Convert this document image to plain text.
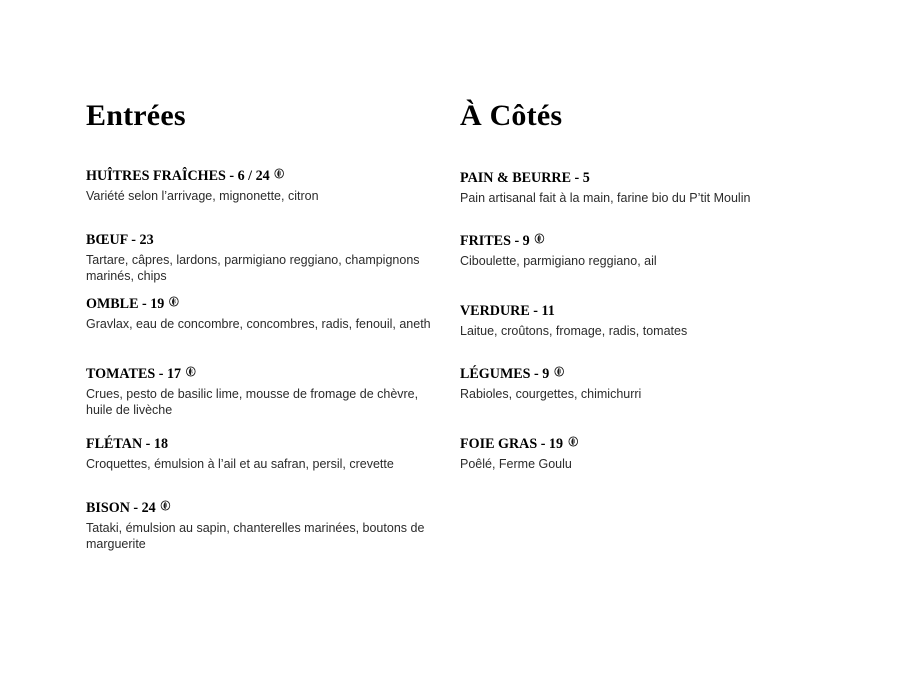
Entrées
HUÎTRES FRAÎCHES - 6 / 24

Variété selon l’arrivage, mignonette, citron

BŒUF - 23

Tartare, câpres, lardons, parmigiano reggiano, champignons marinés, chips

OMBLE - 19

Gravlax, eau de concombre, concombres, radis, fenouil, aneth

TOMATES - 17

Crues, pesto de basilic lime, mousse de fromage de chèvre, huile de livèche

FLÉTAN - 18

Croquettes, émulsion à l’ail et au safran, persil, crevette

BISON - 24

Tataki, émulsion au sapin, chanterelles marinées, boutons de marguerite

À Côtés
PAIN & BEURRE - 5

Pain artisanal fait à la main, farine bio du P’tit Moulin

FRITES - 9

Ciboulette, parmigiano reggiano, ail

VERDURE - 11

Laitue, croûtons, fromage, radis, tomates

LÉGUMES - 9

Rabioles, courgettes, chimichurri

FOIE GRAS - 19

Poêlé, Ferme Goulu
